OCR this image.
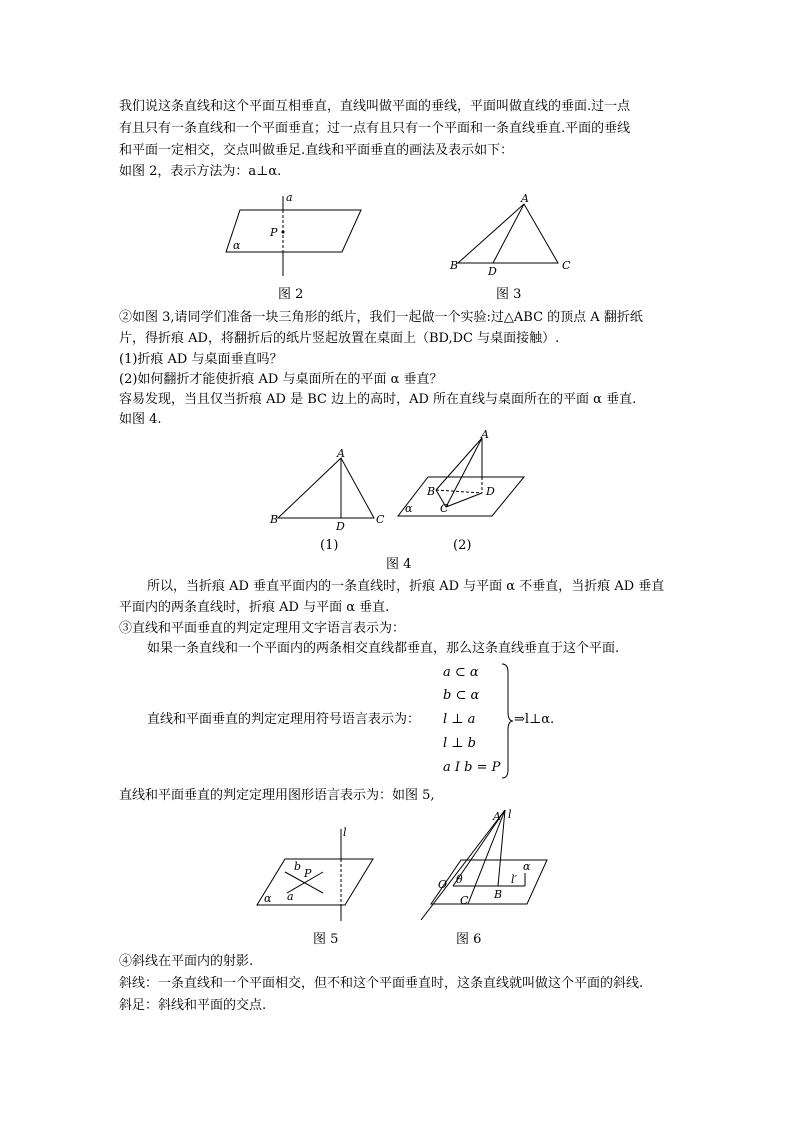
我们说这条直线和这个平面互相垂直，直线叫做平面的垂线，平面叫做直线的垂面.过一点
有且只有一条直线和一个平面垂直；过一点有且只有一个平面和一条直线垂直.平面的垂线
和平面一定相交，交点叫做垂足.直线和平面垂直的画法及表示如下：
如图 2，表示方法为：a⊥α.
a
P
α
图 2
A
B	C
D
图 3
②如图 3,请同学们准备一块三角形的纸片，我们一起做一个实验:过△ABC 的顶点 A 翻折纸
片，得折痕 AD，将翻折后的纸片竖起放置在桌面上（BD,DC 与桌面接触）.
(1)折痕 AD 与桌面垂直吗？
(2)如何翻折才能使折痕 AD 与桌面所在的平面 α 垂直？
容易发现，当且仅当折痕 AD 是 BC 边上的高时，AD 所在直线与桌面所在的平面 α 垂直.
如图 4.
A
B	C
D
(1)
A
B
C
D
α
(2)
图 4
所以，当折痕 AD 垂直平面内的一条直线时，折痕 AD 与平面 α 不垂直，当折痕 AD 垂直
平面内的两条直线时，折痕 AD 与平面 α 垂直.
③直线和平面垂直的判定定理用文字语言表示为：
如果一条直线和一个平面内的两条相交直线都垂直，那么这条直线垂直于这个平面.
直线和平面垂直的判定定理用符号语言表示为：
a ⊂ α
b ⊂ α
l ⊥ a
l ⊥ b
a I b = P
⇒l⊥α.
直线和平面垂直的判定定理用图形语言表示为：如图 5,
l
b
P
a
α
图 5
A l
α
O θ	l′
C B
图 6
④斜线在平面内的射影.
斜线：一条直线和一个平面相交，但不和这个平面垂直时，这条直线就叫做这个平面的斜线.
斜足：斜线和平面的交点.
